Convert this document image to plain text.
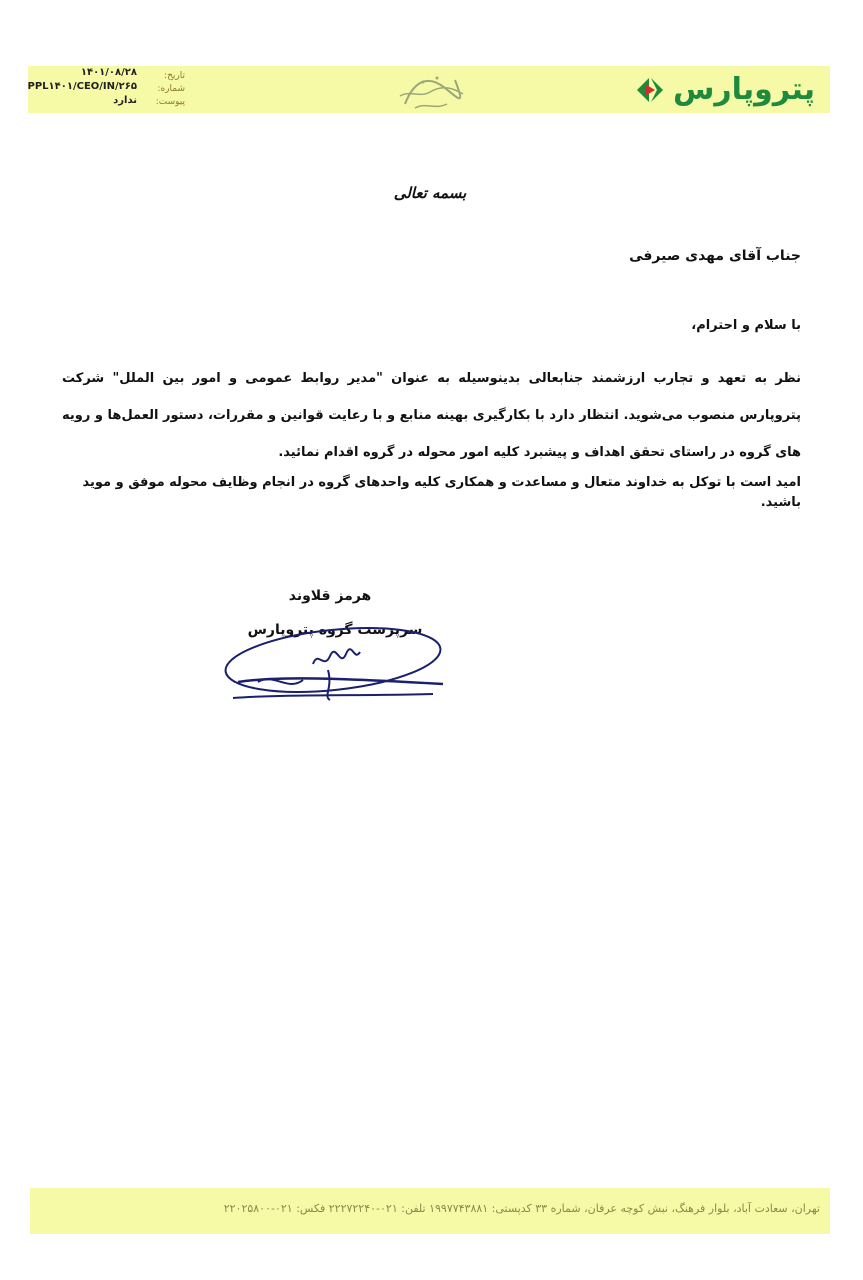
پتروپارس
تاریخ:
شماره:
پیوست:
۱۴۰۱/۰۸/۲۸
PPL۱۴۰۱/CEO/IN/۲۶۵
ندارد
بسمه تعالی
جناب آقای مهدی صیرفی
با سلام و احترام،

نظر به تعهد و تجارب ارزشمند جنابعالی بدینوسیله به عنوان "مدیر روابط عمومی و امور بین الملل" شرکت پتروپارس منصوب می‌شوید. انتظار دارد با بکارگیری بهینه منابع و با رعایت قوانین و مقررات، دستور العمل‌ها و رویه های گروه در راستای تحقق اهداف و پیشبرد کلیه امور محوله در گروه اقدام نمائید.

امید است با توکل به خداوند متعال و مساعدت و همکاری کلیه واحدهای گروه در انجام وظایف محوله موفق و موید باشید.
هرمز قلاوند
سرپرست گروه پتروپارس
تهران، سعادت آباد، بلوار فرهنگ، نبش کوچه عرفان، شماره ۳۳ کدپستی: ۱۹۹۷۷۴۳۸۸۱ تلفن: ۰۲۱-۲۲۲۷۲۲۴۰ فکس: ۰۲۱-۲۲۰۲۵۸۰۰
